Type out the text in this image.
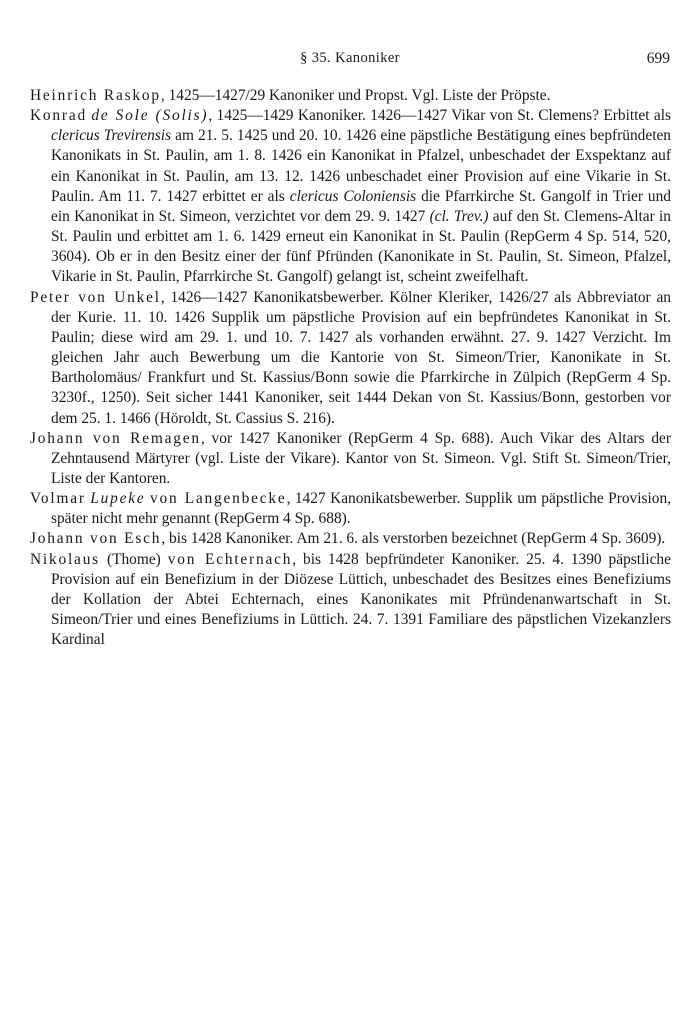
§ 35. Kanoniker	699

Heinrich Raskop, 1425—1427/29 Kanoniker und Propst. Vgl. Liste der Pröpste.

Konrad de Sole (Solis), 1425—1429 Kanoniker. 1426—1427 Vikar von St. Clemens? Erbittet als clericus Trevirensis am 21. 5. 1425 und 20. 10. 1426 eine päpstliche Bestätigung eines bepfründeten Kanonikats in St. Paulin, am 1. 8. 1426 ein Kanonikat in Pfalzel, unbeschadet der Exspektanz auf ein Kanonikat in St. Paulin, am 13. 12. 1426 unbeschadet einer Provision auf eine Vikarie in St. Paulin. Am 11. 7. 1427 erbittet er als clericus Coloniensis die Pfarrkirche St. Gangolf in Trier und ein Kanonikat in St. Simeon, verzichtet vor dem 29. 9. 1427 (cl. Trev.) auf den St. Clemens-Altar in St. Paulin und erbittet am 1. 6. 1429 erneut ein Kanonikat in St. Paulin (RepGerm 4 Sp. 514, 520, 3604). Ob er in den Besitz einer der fünf Pfründen (Kanonikate in St. Paulin, St. Simeon, Pfalzel, Vikarie in St. Paulin, Pfarrkirche St. Gangolf) gelangt ist, scheint zweifelhaft.

Peter von Unkel, 1426—1427 Kanonikatsbewerber. Kölner Kleriker, 1426/27 als Abbreviator an der Kurie. 11. 10. 1426 Supplik um päpstliche Provision auf ein bepfründetes Kanonikat in St. Paulin; diese wird am 29. 1. und 10. 7. 1427 als vorhanden erwähnt. 27. 9. 1427 Verzicht. Im gleichen Jahr auch Bewerbung um die Kantorie von St. Simeon/Trier, Kanonikate in St. Bartholomäus/ Frankfurt und St. Kassius/Bonn sowie die Pfarrkirche in Zülpich (RepGerm 4 Sp. 3230f., 1250). Seit sicher 1441 Kanoniker, seit 1444 Dekan von St. Kassius/Bonn, gestorben vor dem 25. 1. 1466 (Höroldt, St. Cassius S. 216).

Johann von Remagen, vor 1427 Kanoniker (RepGerm 4 Sp. 688). Auch Vikar des Altars der Zehntausend Märtyrer (vgl. Liste der Vikare). Kantor von St. Simeon. Vgl. Stift St. Simeon/Trier, Liste der Kantoren.

Volmar Lupeke von Langenbecke, 1427 Kanonikatsbewerber. Supplik um päpstliche Provision, später nicht mehr genannt (RepGerm 4 Sp. 688).

Johann von Esch, bis 1428 Kanoniker. Am 21. 6. als verstorben bezeichnet (RepGerm 4 Sp. 3609).

Nikolaus (Thome) von Echternach, bis 1428 bepfründeter Kanoniker. 25. 4. 1390 päpstliche Provision auf ein Benefizium in der Diözese Lüttich, unbeschadet des Besitzes eines Benefiziums der Kollation der Abtei Echternach, eines Kanonikates mit Pfründenanwartschaft in St. Simeon/Trier und eines Benefiziums in Lüttich. 24. 7. 1391 Familiare des päpstlichen Vizekanzlers Kardinal
